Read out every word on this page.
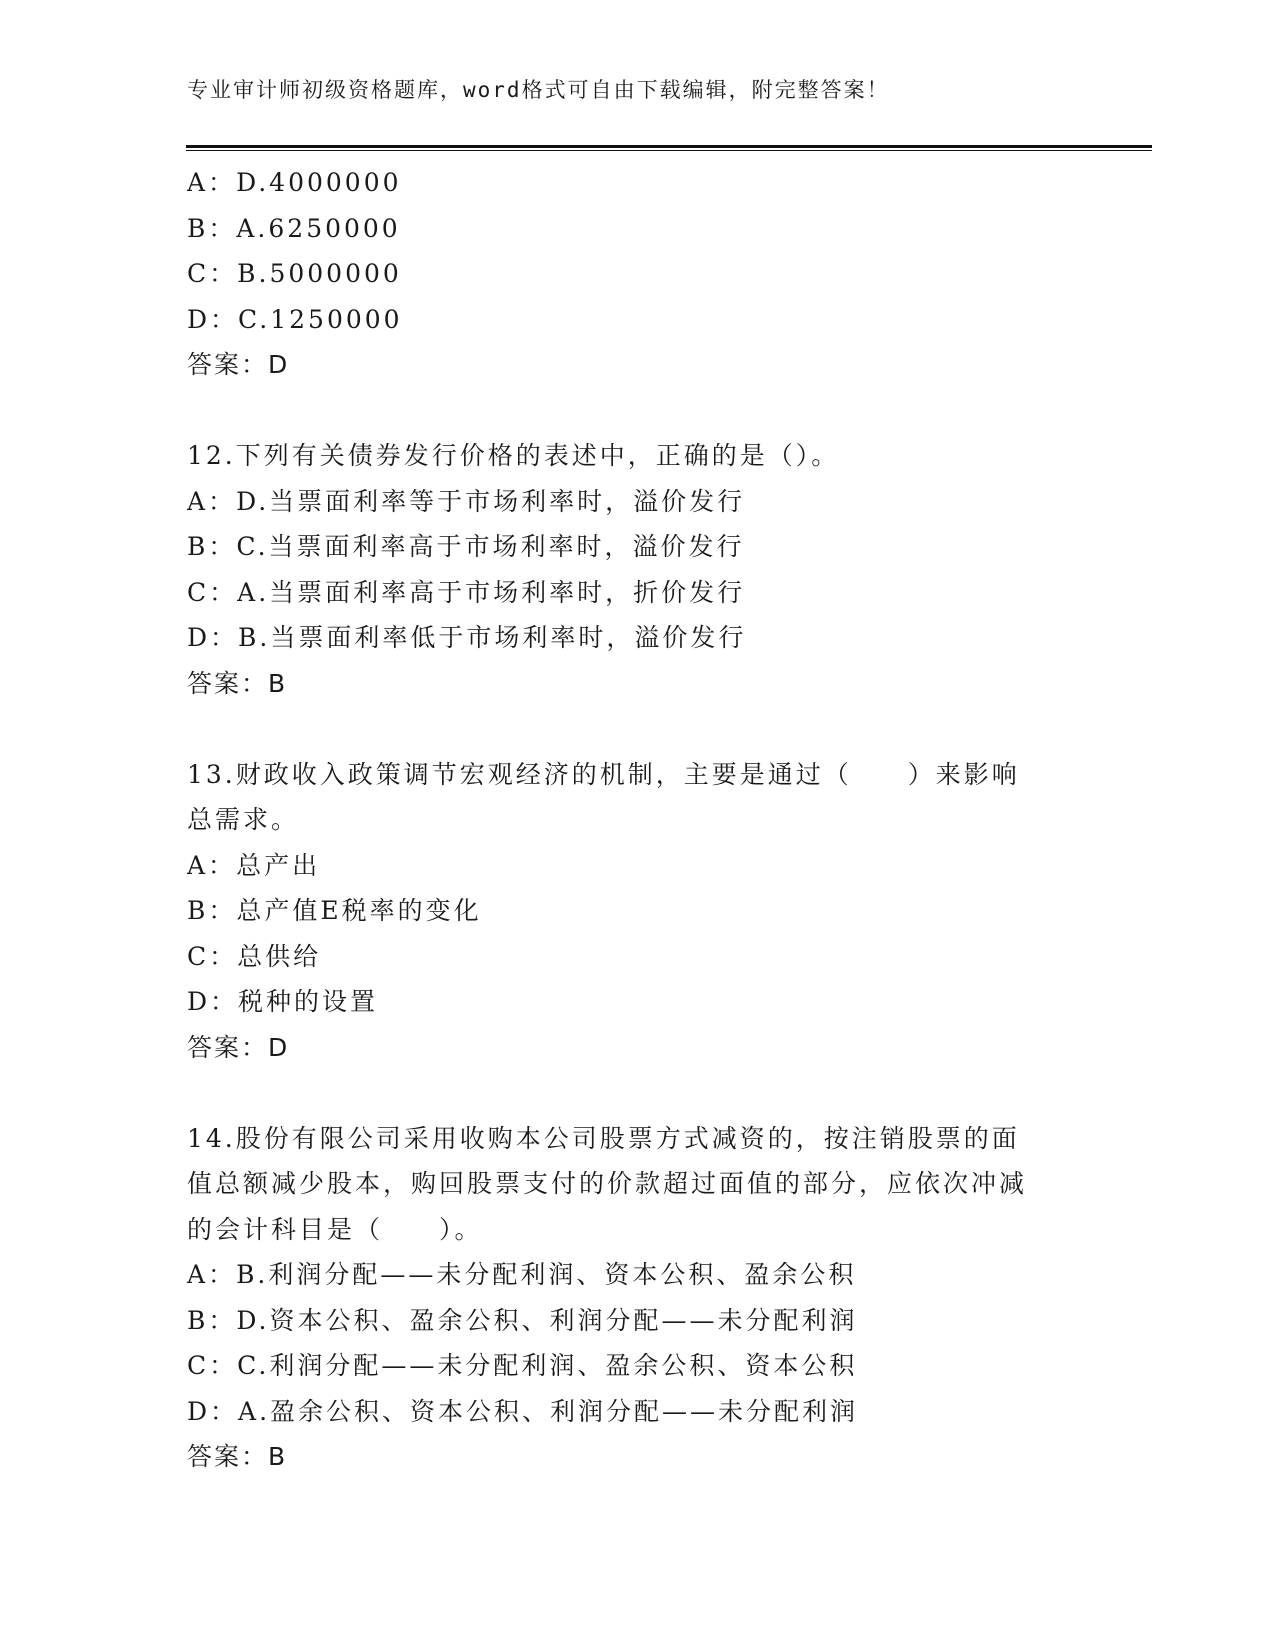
专业审计师初级资格题库，word格式可自由下载编辑，附完整答案！
A：D.4000000
B：A.6250000
C：B.5000000
D：C.1250000
答案：D
12.下列有关债券发行价格的表述中，正确的是（）。
A：D.当票面利率等于市场利率时，溢价发行
B：C.当票面利率高于市场利率时，溢价发行
C：A.当票面利率高于市场利率时，折价发行
D：B.当票面利率低于市场利率时，溢价发行
答案：B
13.财政收入政策调节宏观经济的机制，主要是通过（　　）来影响总需求。
A：总产出
B：总产值E税率的变化
C：总供给
D：税种的设置
答案：D
14.股份有限公司采用收购本公司股票方式减资的，按注销股票的面值总额减少股本，购回股票支付的价款超过面值的部分，应依次冲减的会计科目是（　　）。
A：B.利润分配——未分配利润、资本公积、盈余公积
B：D.资本公积、盈余公积、利润分配——未分配利润
C：C.利润分配——未分配利润、盈余公积、资本公积
D：A.盈余公积、资本公积、利润分配——未分配利润
答案：B
